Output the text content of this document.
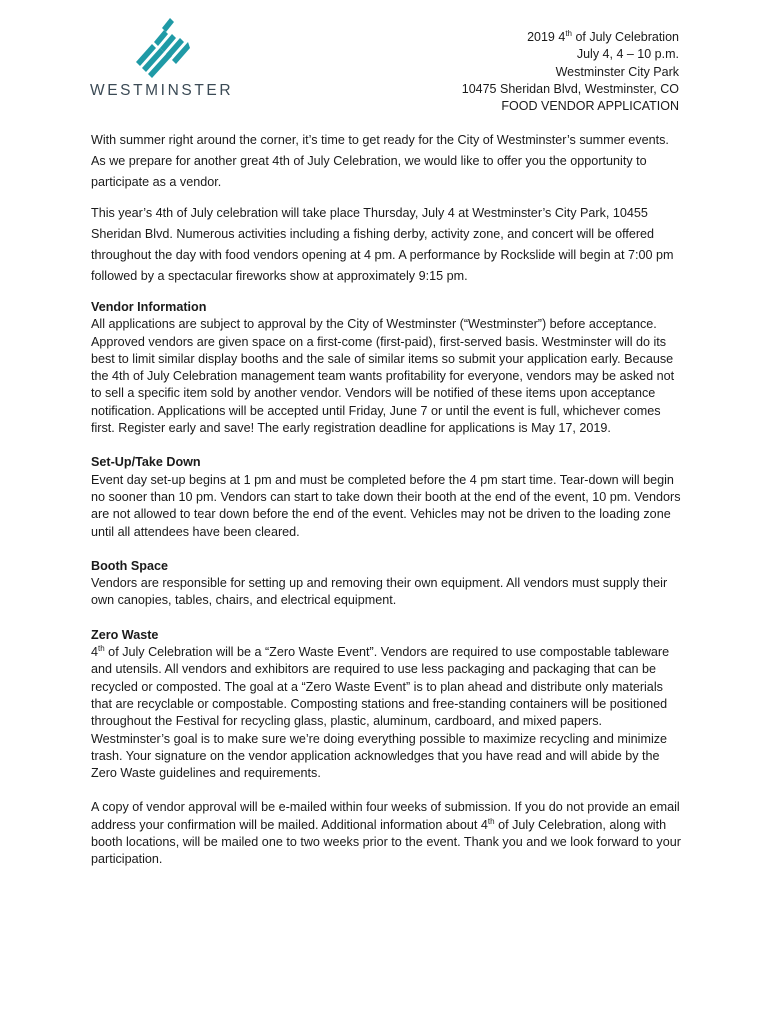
WESTMINSTER
2019 4th of July Celebration
July 4, 4 – 10 p.m.
Westminster City Park
10475 Sheridan Blvd, Westminster, CO
FOOD VENDOR APPLICATION

With summer right around the corner, it’s time to get ready for the City of Westminster’s summer events. As we prepare for another great 4th of July Celebration, we would like to offer you the opportunity to participate as a vendor.

This year’s 4th of July celebration will take place Thursday, July 4 at Westminster’s City Park, 10455 Sheridan Blvd. Numerous activities including a fishing derby, activity zone, and concert will be offered throughout the day with food vendors opening at 4 pm. A performance by Rockslide will begin at 7:00 pm followed by a spectacular fireworks show at approximately 9:15 pm.

Vendor Information

All applications are subject to approval by the City of Westminster (“Westminster”) before acceptance. Approved vendors are given space on a first-come (first-paid), first-served basis. Westminster will do its best to limit similar display booths and the sale of similar items so submit your application early. Because the 4th of July Celebration management team wants profitability for everyone, vendors may be asked not to sell a specific item sold by another vendor. Vendors will be notified of these items upon acceptance notification. Applications will be accepted until Friday, June 7 or until the event is full, whichever comes first. Register early and save! The early registration deadline for applications is May 17, 2019.

Set-Up/Take Down

Event day set-up begins at 1 pm and must be completed before the 4 pm start time. Tear-down will begin no sooner than 10 pm. Vendors can start to take down their booth at the end of the event, 10 pm. Vendors are not allowed to tear down before the end of the event. Vehicles may not be driven to the loading zone until all attendees have been cleared.

Booth Space

Vendors are responsible for setting up and removing their own equipment. All vendors must supply their own canopies, tables, chairs, and electrical equipment.

Zero Waste

4th of July Celebration will be a “Zero Waste Event”. Vendors are required to use compostable tableware and utensils. All vendors and exhibitors are required to use less packaging and packaging that can be recycled or composted. The goal at a “Zero Waste Event” is to plan ahead and distribute only materials that are recyclable or compostable. Composting stations and free-standing containers will be positioned throughout the Festival for recycling glass, plastic, aluminum, cardboard, and mixed papers. Westminster’s goal is to make sure we’re doing everything possible to maximize recycling and minimize trash. Your signature on the vendor application acknowledges that you have read and will abide by the Zero Waste guidelines and requirements.

A copy of vendor approval will be e-mailed within four weeks of submission. If you do not provide an email address your confirmation will be mailed. Additional information about 4th of July Celebration, along with booth locations, will be mailed one to two weeks prior to the event. Thank you and we look forward to your participation.
